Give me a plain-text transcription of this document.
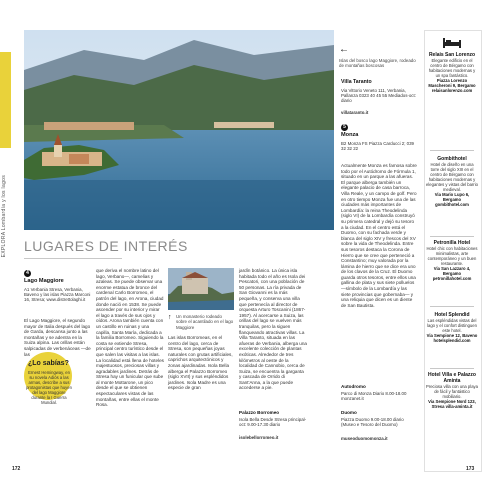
EXPLORA Lombardía y los lagos
←
Islas del bosco lago Maggiore, rodeado de montañas boscosas
LUGARES DE INTERÉS
4
Lago Maggiore
A1 Verbania Stresa, Verbania, Baveno y las islas Piazza Marconi 16, Stresa; www.distrettolaghi.it
El Lago Maggiore, el segundo mayor de Italia después del lago de Garda, descansa junto a las montañas y se adentra en la Suiza alpina. Las orillas están salpicadas de verbenáceas —de las
¿Lo sabías?
Ernest Hemingway, en su novela Adiós a las armas, describe a sus protagonistas que huyen del lago Maggiore durante la I Guerra Mundial.
que deriva el nombre latino del lago, Verbano—, camelias y azaleas. Se puede observar una enorme estatua de bronce del cardenal Carlo Borromeo, el patrón del lago, en Arona, ciudad donde nació en 1538. Se puede ascender por su interior y mirar el lago a través de sus ojos y oídos. Arona también cuenta con un castillo en ruinas y una capilla, Santa María, dedicada a la familia Borromeo. Siguiendo la costa se extiende Stresa, principal centro turístico desde el que salen las visitas a las islas. La localidad está llena de hoteles majestuosos, preciosas villas y agradables jardines. Detrás de Stresa hay un funicular que sube al monte Mottarone, un pico desde el que se obtienen espectaculares vistas de las montañas, entre ellas el monte Rosa.
↑ Un monasterio rodeado sobre el acantilado en el lago Maggiore
Las islas Borromeas, en el centro del lago, cerca de Stresa, son pequeñas joyas naturales con grutas artificiales, caprichos arquitectónicos y zonas ajardinadas. Isola Bella alberga el Palazzo Borromeo (siglo XVII) y sus espléndidos jardines. Isola Madre es una especie de gran
jardín botánico. La única isla habitada todo el año es Isola dei Pescatori, con una población de 50 personas. La ría privada de San Giovanni es la más pequeña, y conserva una villa que pertenecía al director de orquesta Arturo Toscanini (1867-1957). Al acercarse a Suiza, las orillas del lago se vuelven más tranquilas, pero la siguen flanqueando atractivas villas. La Villa Taranto, situada en las afueras de Verbania, alberga una excelente colección de plantas exóticas. Alrededor de tres kilómetros al oeste de la localidad de Cannobio, cerca de Suiza, se encuentra la garganta y cascada de Orrido di Sant'Anna, a la que puede accederse a pie.
Palazzo Borromeo
Isola Bella Desde Stresa principal-oct: 9.00-17.30 diario
isolebellorromeo.it
Villa Taranto
Via Vittorio Veneto 111, Verbania, Pallanza 0323 40 45 55 Mediados-oct: diario
villataranto.it
5
Monza
B2 Monza FS Piazza Carducci 2; 039 32 32 22
Actualmente Monza es famosa sobre todo por el Autódromo de Fórmula 1, situado en un parque a las afueras. El parque alberga también un elegante palacio de casa barroca, Villa Reale, y un campo de golf. Pero en otro tiempo Monza fue una de las ciudades más importantes de Lombardía: la reina Theodelinda (siglo VI) de la Lombardía construyó su primera catedral y dejó su tesoro a la ciudad. En el centro está el Duomo, con su fachada verde y blanca del siglo XIV y frescos del XV sobre la vida de Theodelinda. Entre sus tesoros destaca la Corona de Hierro que se cree que perteneció a Constantino; muy valorada por la lámina de hierro que se dice era uno de los clavos de la Cruz. El Duomo guarda otros tesoros, entre ellos una gallina de plata y sus siete polluelos —símbolo de la Lombardía y las siete provincias que gobernaba— y una reliquia que dicen es un diente de San Bautista.
Autodromo
Parco di Monza Diario 8.00-18.00 monzanet.it
Duomo
Piazza Duomo 9.00-18.00 diario (Museo e Tesoro del Duomo)
museoduomomonza.it
Relais San Lorenzo
Elegante edificio en el centro de Bérgamo con habitaciones modernas y un spa fantástico.
Piazza Lorenzo Mascheroni 9, Bergamo relaisanlorenzo.com
Gombithotel
Hotel de diseño en una torre del siglo XIII en el centro de Bérgamo con habitaciones modernas y elegantes y vistas del barrio medieval.
Via Mario Lupo 6, Bergamo gombithotel.com
Petronilla Hotel
Hotel chic con habitaciones minimalistas, arte contemporáneo y un buen restaurante.
Via San Lazzaro 4, Bergamo petronillahotel.com
Hotel Splendid
Las espléndidas vistas del lago y el confort distinguen este hotel.
Via Sempione 12, Baveno hotelsplendid.com
Hotel Villa e Palazzo Aminta
Preciosa villa con una playa de fácil y fantástico mobiliario.
Via Sempione Nord 123, Stresa villa-aminta.it
172	173
